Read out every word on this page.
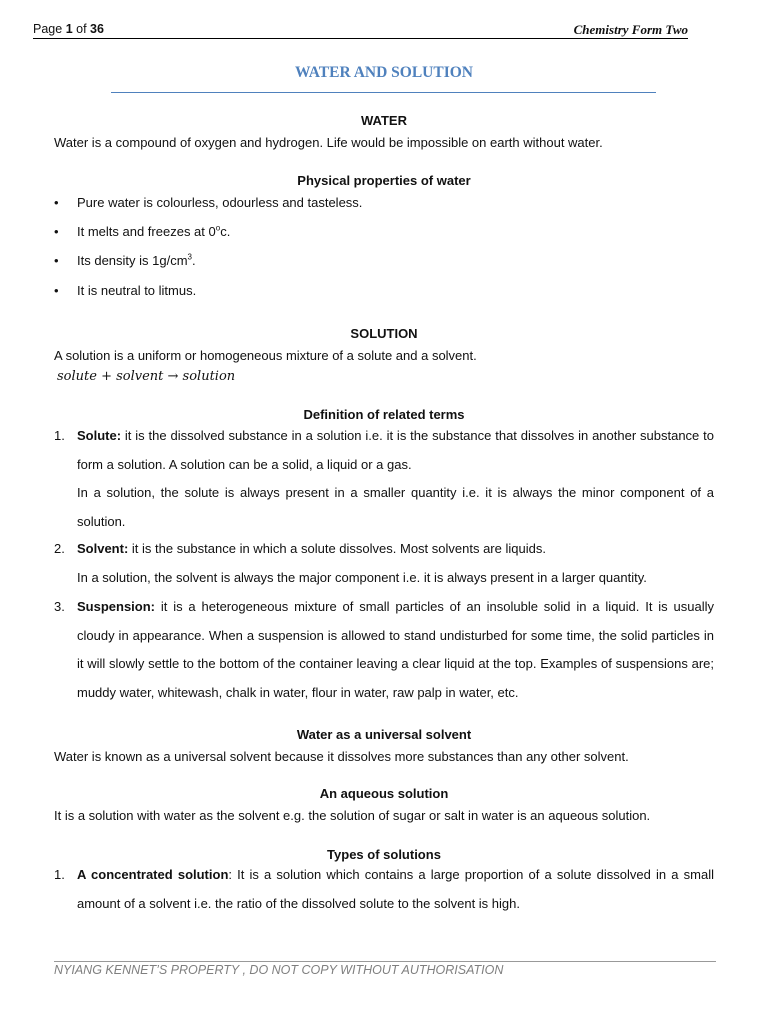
Page 1 of 36	Chemistry Form Two
WATER AND SOLUTION
WATER
Water is a compound of oxygen and hydrogen. Life would be impossible on earth without water.
Physical properties of water
• Pure water is colourless, odourless and tasteless.
• It melts and freezes at 0$^o$c.
• Its density is $1g/cm^3$.
• It is neutral to litmus.
SOLUTION
A solution is a uniform or homogeneous mixture of a solute and a solvent.
solute + solvent → solution
Definition of related terms
1. Solute: it is the dissolved substance in a solution i.e. it is the substance that dissolves in another substance to form a solution. A solution can be a solid, a liquid or a gas.
In a solution, the solute is always present in a smaller quantity i.e. it is always the minor component of a solution.
2. Solvent: it is the substance in which a solute dissolves. Most solvents are liquids.
In a solution, the solvent is always the major component i.e. it is always present in a larger quantity.
3. Suspension: it is a heterogeneous mixture of small particles of an insoluble solid in a liquid. It is usually cloudy in appearance. When a suspension is allowed to stand undisturbed for some time, the solid particles in it will slowly settle to the bottom of the container leaving a clear liquid at the top. Examples of suspensions are; muddy water, whitewash, chalk in water, flour in water, raw palp in water, etc.
Water as a universal solvent
Water is known as a universal solvent because it dissolves more substances than any other solvent.
An aqueous solution
It is a solution with water as the solvent e.g. the solution of sugar or salt in water is an aqueous solution.
Types of solutions
1. A concentrated solution: It is a solution which contains a large proportion of a solute dissolved in a small amount of a solvent i.e. the ratio of the dissolved solute to the solvent is high.
NYIANG KENNET’S PROPERTY , DO NOT COPY WITHOUT AUTHORISATION
